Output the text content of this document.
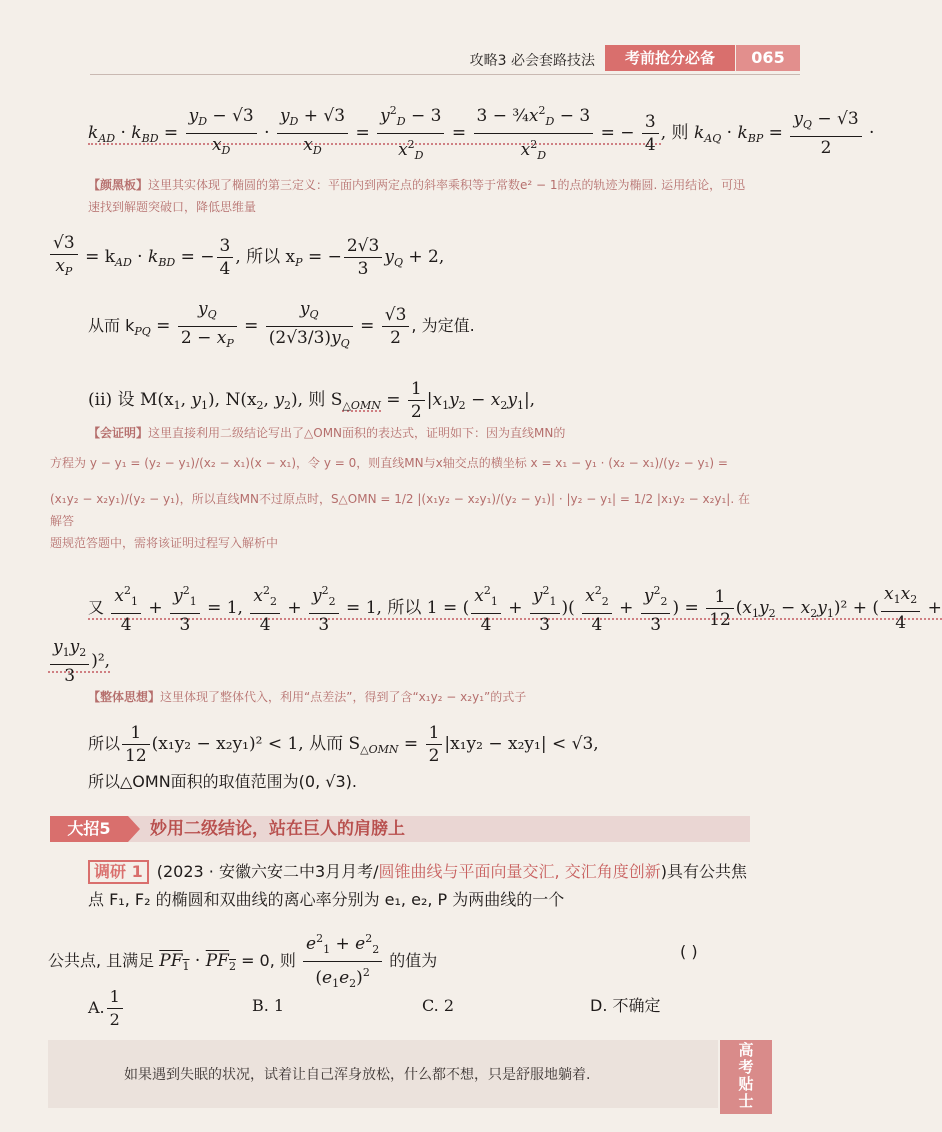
攻略3 必会套路技法	考前抢分必备	065
$k_{AD} \cdot k_{BD} = \frac{y_D - √3}{x_D} \cdot \frac{y_D + √3}{x_D} = \frac{y^2_D - 3}{x^2_D} = \frac{3 - \frac{3}{4}x^2_D - 3}{x^2_D}$ = − $\frac{3}{4}$ , 则 $k_{AQ} \cdot k_{BP} = \frac{y_Q - √3}{2}$ ·
【颜黑板】这里其实体现了椭圆的第三定义：平面内到两定点的斜率乘积等于常数e² − 1的点的轨迹为椭圆. 运用结论，可迅速找到解题突破口，降低思维量
$\frac{√3}{x_P} = k_{AD} \cdot k_{BD}$ = − $\frac{3}{4}$ , 所以 $x_P$ = − $\frac{2√3}{3} y_Q + 2$,
从而 $k_{PQ} = \frac{y_Q}{2 - x_P} = \frac{y_Q}{(2√3/3)y_Q} = \frac{√3}{2}$ , 为定值.
(ii) 设 $M(x_1$, $y_1$), $N(x_2$, $y_2$), 则 $S_{\triangle OMN} = \frac{1}{2} |x_1y_2 - x_2y_1|$,
【会证明】这里直接利用二级结论写出了△OMN面积的表达式，证明如下：因为直线MN的
方程为 y − y₁ = (y₂ − y₁)/(x₂ − x₁)(x − x₁)，令 y = 0，则直线MN与x轴交点的横坐标 x = x₁ − y₁ · (x₂ − x₁)/(y₂ − y₁) =
(x₁y₂ − x₂y₁)/(y₂ − y₁)，所以直线MN不过原点时，S△OMN = 1/2 |(x₁y₂ − x₂y₁)/(y₂ − y₁)| · |y₂ − y₁| = 1/2 |x₁y₂ − x₂y₁|. 在解答
题规范答题中，需将该证明过程写入解析中
又 $\frac{x^2_1}{4} + \frac{y^2_1}{3} = 1$, $\frac{x^2_2}{4} + \frac{y^2_2}{3} = 1$, 所以 1 = ( $\frac{x^2_1}{4} + \frac{y^2_1}{3}$ )( $\frac{x^2_2}{4} + \frac{y^2_2}{3}$ ) = $\frac{1}{12} (x_1y_2 - x_2y_1)^2$ + ( $\frac{x_1x_2}{4}$ +
$\frac{y_1y_2}{3} )^2$,
【整体思想】这里体现了整体代入，利用“点差法”，得到了含“x₁y₂ − x₂y₁”的式子
所以 $\frac{1}{12} (x_1y_2 - x_2y_1)^2 < 1$, 从而 $S_{\triangle OMN} = \frac{1}{2} |x_1y_2 - x_2y_1| < √3$,
所以△OMN面积的取值范围为(0, √3).
大招5	妙用二级结论，站在巨人的肩膀上
调研 1 (2023 · 安徽六安二中3月月考/圆锥曲线与平面向量交汇, 交汇角度创新)具有公共焦点 F₁, F₂ 的椭圆和双曲线的离心率分别为 e₁, e₂, P 为两曲线的一个
公共点, 且满足 $PF_1 \cdot PF_2 = 0$, 则 $\frac{e^2_1 + e^2_2}{(e_1e_2)^2}$ 的值为	( )
A. $\frac{1}{2}$	B. 1	C. 2	D. 不确定
如果遇到失眠的状况，试着让自己浑身放松，什么都不想，只是舒服地躺着.
高考贴士
